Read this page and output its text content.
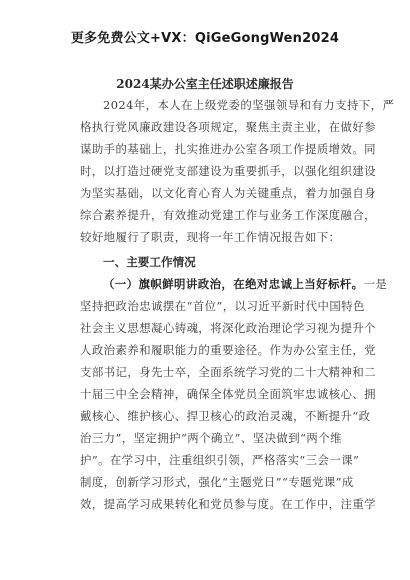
更多免费公文+VX：QiGeGongWen2024
2024某办公室主任述职述廉报告
2024年，本人在上级党委的坚强领导和有力支持下，严
格执行党风廉政建设各项规定，聚焦主责主业，在做好参
谋助手的基础上，扎实推进办公室各项工作提质增效。同
时，以打造过硬党支部建设为重要抓手，以强化组织建设
为坚实基础，以文化育心育人为关键重点，着力加强自身
综合素养提升，有效推动党建工作与业务工作深度融合，
较好地履行了职责，现将一年工作情况报告如下：
一、主要工作情况
（一）旗帜鲜明讲政治，在绝对忠诚上当好标杆。一是
坚持把政治忠诚摆在“首位”，以习近平新时代中国特色
社会主义思想凝心铸魂，将深化政治理论学习视为提升个
人政治素养和履职能力的重要途径。作为办公室主任，党
支部书记，身先士卒，全面系统学习党的二十大精神和二
十届三中全会精神，确保全体党员全面筑牢忠诚核心、拥
戴核心、维护核心、捍卫核心的政治灵魂，不断提升“政
治三力”，坚定拥护“两个确立”、坚决做到“两个维
护”。在学习中，注重组织引领，严格落实“三会一课”
制度，创新学习形式，强化“主题党日”“专题党课”成
效，提高学习成果转化和党员参与度。在工作中，注重学
